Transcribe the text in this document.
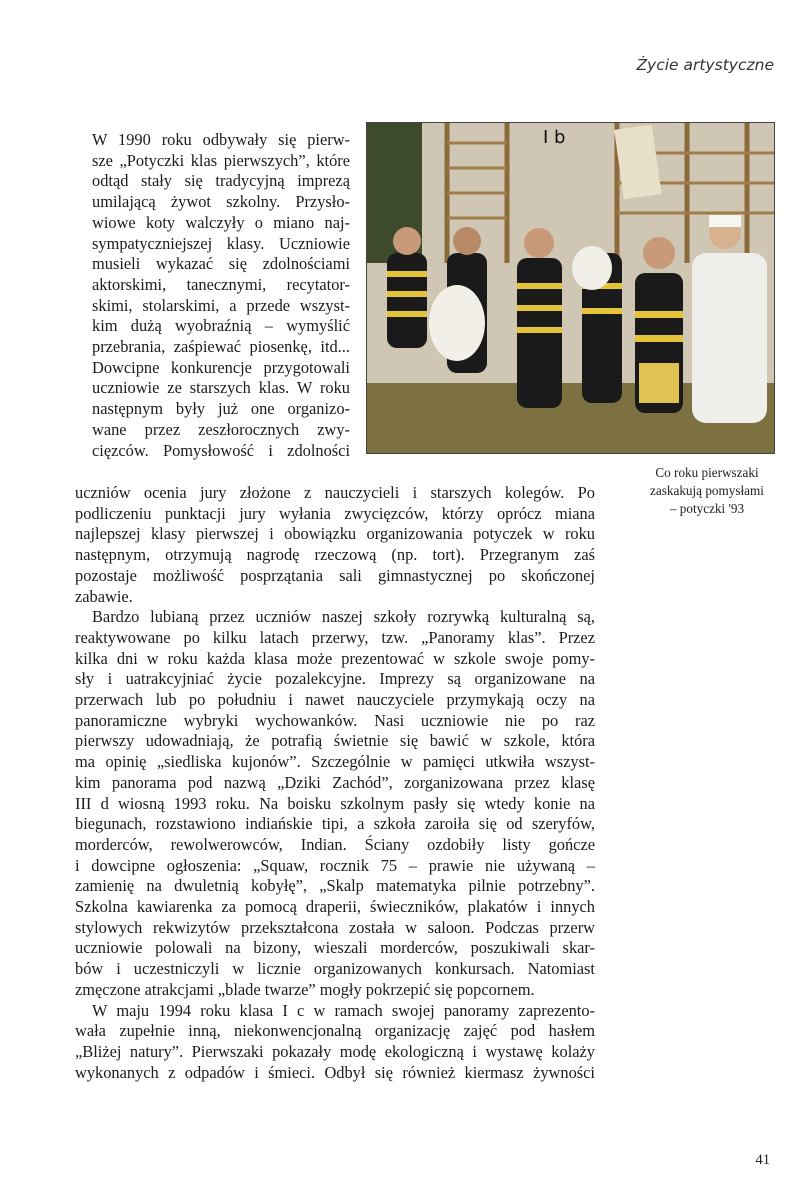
Życie artystyczne
I b
Co roku pierwszaki
zaskakują pomysłami
– potyczki '93
W 1990 roku odbywały się pierw-
sze „Potyczki klas pierwszych”, które
odtąd stały się tradycyjną imprezą
umilającą żywot szkolny. Przysło-
wiowe koty walczyły o miano naj-
sympatyczniejszej klasy. Uczniowie
musieli wykazać się zdolnościami
aktorskimi, tanecznymi, recytator-
skimi, stolarskimi, a przede wszyst-
kim dużą wyobraźnią – wymyślić
przebrania, zaśpiewać piosenkę, itd...
Dowcipne konkurencje przygotowali
uczniowie ze starszych klas. W roku
następnym były już one organizo-
wane przez zeszłorocznych zwy-
cięzców. Pomysłowość i zdolności
uczniów ocenia jury złożone z nauczycieli i starszych kolegów. Po
podliczeniu punktacji jury wyłania zwycięzców, którzy oprócz miana
najlepszej klasy pierwszej i obowiązku organizowania potyczek w roku
następnym, otrzymują nagrodę rzeczową (np. tort). Przegranym zaś
pozostaje możliwość posprzątania sali gimnastycznej po skończonej
zabawie.
Bardzo lubianą przez uczniów naszej szkoły rozrywką kulturalną są,
reaktywowane po kilku latach przerwy, tzw. „Panoramy klas”. Przez
kilka dni w roku każda klasa może prezentować w szkole swoje pomy-
sły i uatrakcyjniać życie pozalekcyjne. Imprezy są organizowane na
przerwach lub po południu i nawet nauczyciele przymykają oczy na
panoramiczne wybryki wychowanków. Nasi uczniowie nie po raz
pierwszy udowadniają, że potrafią świetnie się bawić w szkole, która
ma opinię „siedliska kujonów”. Szczególnie w pamięci utkwiła wszyst-
kim panorama pod nazwą „Dziki Zachód”, zorganizowana przez klasę
III d wiosną 1993 roku. Na boisku szkolnym pasły się wtedy konie na
biegunach, rozstawiono indiańskie tipi, a szkoła zaroiła się od szeryfów,
morderców, rewolwerowców, Indian. Ściany ozdobiły listy gończe
i dowcipne ogłoszenia: „Squaw, rocznik 75 – prawie nie używaną –
zamienię na dwuletnią kobyłę”, „Skalp matematyka pilnie potrzebny”.
Szkolna kawiarenka za pomocą draperii, świeczników, plakatów i innych
stylowych rekwizytów przekształcona została w saloon. Podczas przerw
uczniowie polowali na bizony, wieszali morderców, poszukiwali skar-
bów i uczestniczyli w licznie organizowanych konkursach. Natomiast
zmęczone atrakcjami „blade twarze” mogły pokrzepić się popcornem.
W maju 1994 roku klasa I c w ramach swojej panoramy zaprezento-
wała zupełnie inną, niekonwencjonalną organizację zajęć pod hasłem
„Bliżej natury”. Pierwszaki pokazały modę ekologiczną i wystawę kolaży
wykonanych z odpadów i śmieci. Odbył się również kiermasz żywności
41
